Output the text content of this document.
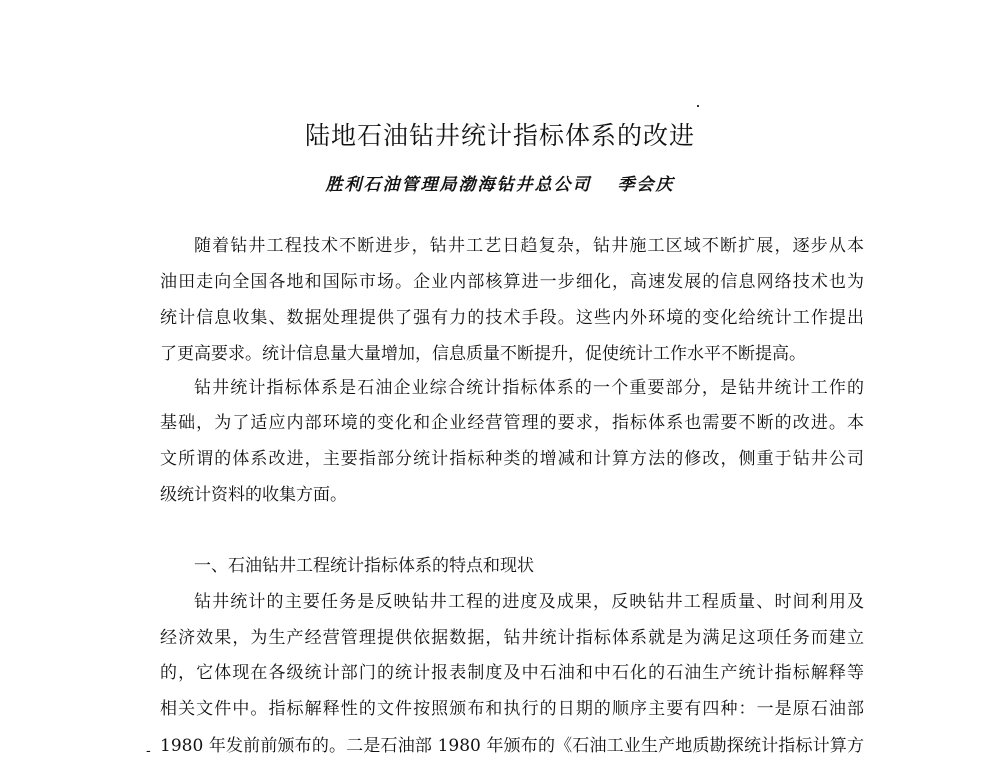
陆地石油钻井统计指标体系的改进

胜利石油管理局渤海钻井总公司 季会庆

随着钻井工程技术不断进步，钻井工艺日趋复杂，钻井施工区域不断扩展，逐步从本
油田走向全国各地和国际市场。企业内部核算进一步细化，高速发展的信息网络技术也为
统计信息收集、数据处理提供了强有力的技术手段。这些内外环境的变化给统计工作提出
了更高要求。统计信息量大量增加，信息质量不断提升，促使统计工作水平不断提高。
钻井统计指标体系是石油企业综合统计指标体系的一个重要部分，是钻井统计工作的
基础，为了适应内部环境的变化和企业经营管理的要求，指标体系也需要不断的改进。本
文所谓的体系改进，主要指部分统计指标种类的增减和计算方法的修改，侧重于钻井公司
级统计资料的收集方面。
一、石油钻井工程统计指标体系的特点和现状
钻井统计的主要任务是反映钻井工程的进度及成果，反映钻井工程质量、时间利用及
经济效果，为生产经营管理提供依据数据，钻井统计指标体系就是为满足这项任务而建立
的，它体现在各级统计部门的统计报表制度及中石油和中石化的石油生产统计指标解释等
相关文件中。指标解释性的文件按照颁布和执行的日期的顺序主要有四种：一是原石油部
1980 年发前前颁布的。二是石油部 1980 年颁布的《石油工业生产地质勘探统计指标计算方
-
